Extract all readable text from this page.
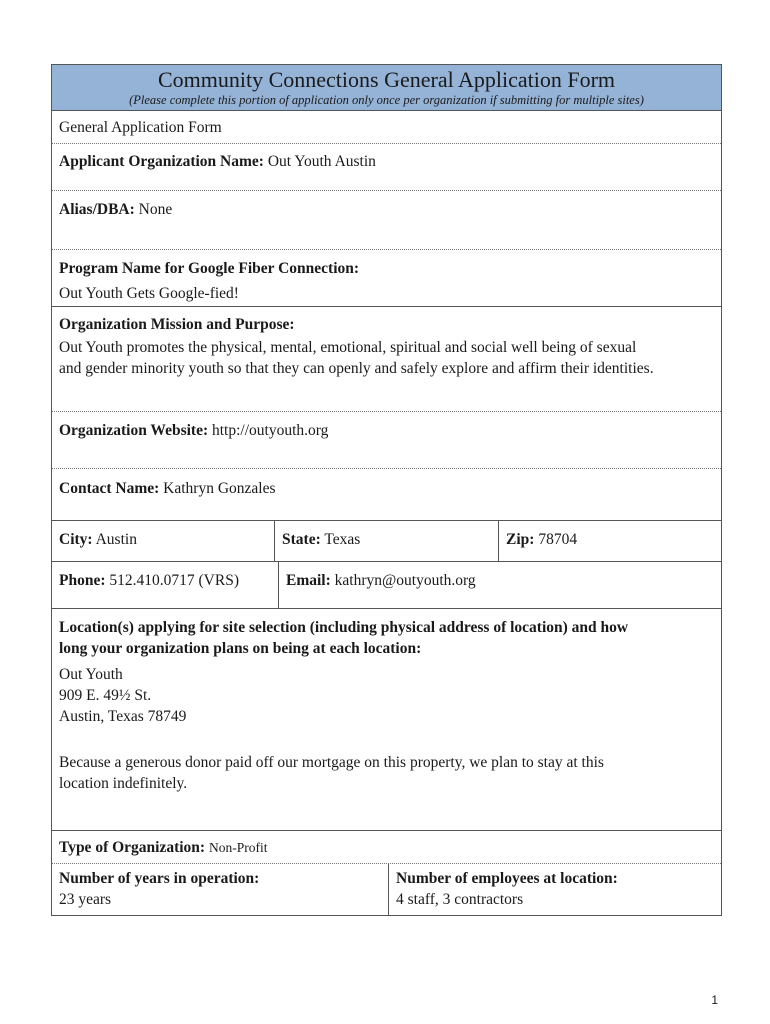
Community Connections General Application Form
(Please complete this portion of application only once per organization if submitting for multiple sites)
General Application Form
Applicant Organization Name: Out Youth Austin
Alias/DBA: None

Program Name for Google Fiber Connection:

Out Youth Gets Google-fied!

Organization Mission and Purpose:

Out Youth promotes the physical, mental, emotional, spiritual and social well being of sexual

and gender minority youth so that they can openly and safely explore and affirm their identities.

Organization Website: http://outyouth.org
Contact Name: Kathryn Gonzales
City: Austin	State: Texas	Zip: 78704
Phone: 512.410.0717 (VRS)	Email: kathryn@outyouth.org

Location(s) applying for site selection (including physical address of location) and how

long your organization plans on being at each location:

Out Youth

909 E. 49½ St.

Austin, Texas 78749

Because a generous donor paid off our mortgage on this property, we plan to stay at this

location indefinitely.

Type of Organization: Non-Profit

Number of years in operation:

23 years

Number of employees at location:

4 staff, 3 contractors

1
